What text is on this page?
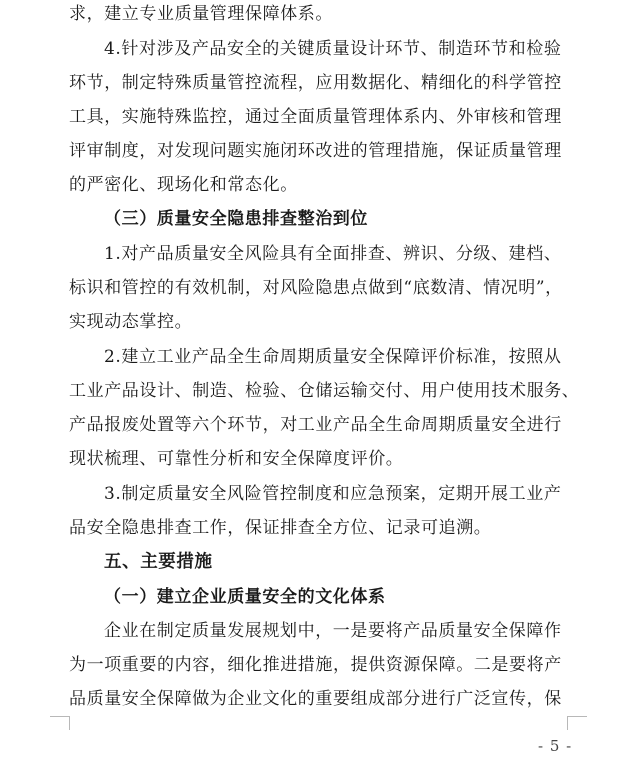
求，建立专业质量管理保障体系。
4.针对涉及产品安全的关键质量设计环节、制造环节和检验
环节，制定特殊质量管控流程，应用数据化、精细化的科学管控
工具，实施特殊监控，通过全面质量管理体系内、外审核和管理
评审制度，对发现问题实施闭环改进的管理措施，保证质量管理
的严密化、现场化和常态化。
（三）质量安全隐患排查整治到位
1.对产品质量安全风险具有全面排查、辨识、分级、建档、
标识和管控的有效机制，对风险隐患点做到“底数清、情况明”，
实现动态掌控。
2.建立工业产品全生命周期质量安全保障评价标准，按照从
工业产品设计、制造、检验、仓储运输交付、用户使用技术服务、
产品报废处置等六个环节，对工业产品全生命周期质量安全进行
现状梳理、可靠性分析和安全保障度评价。
3.制定质量安全风险管控制度和应急预案，定期开展工业产
品安全隐患排查工作，保证排查全方位、记录可追溯。
五、主要措施
（一）建立企业质量安全的文化体系
企业在制定质量发展规划中，一是要将产品质量安全保障作
为一项重要的内容，细化推进措施，提供资源保障。二是要将产
品质量安全保障做为企业文化的重要组成部分进行广泛宣传，保
- 5 -
